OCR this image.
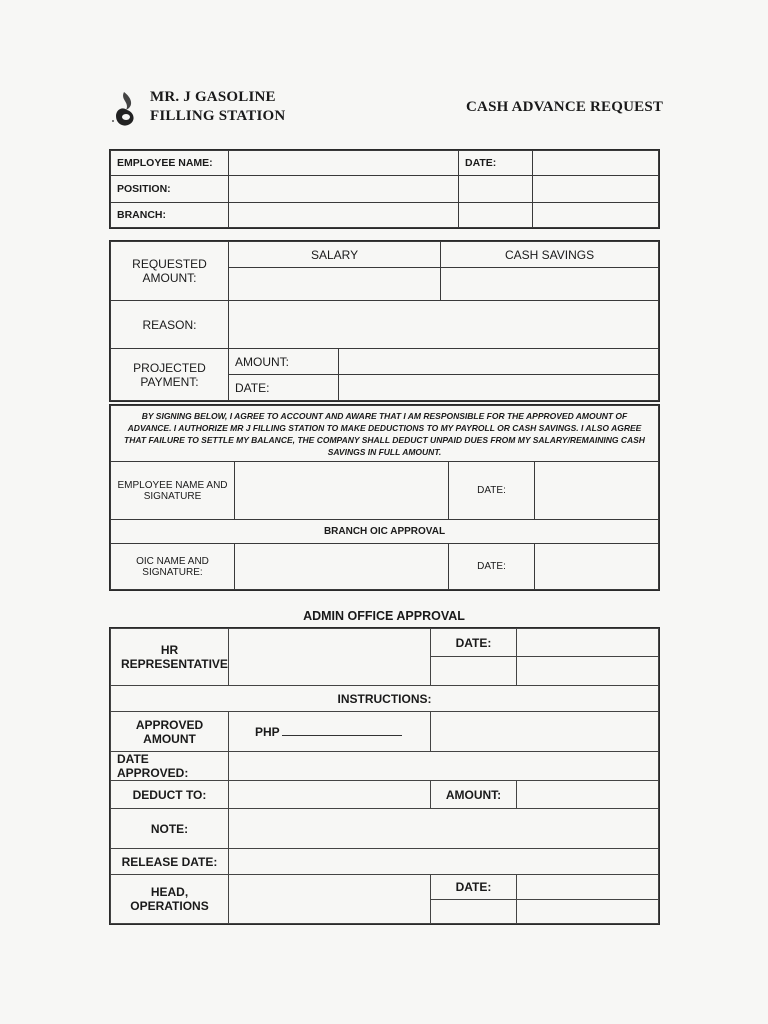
MR. J GASOLINE
FILLING STATION
CASH ADVANCE REQUEST
EMPLOYEE NAME:		DATE:	
POSITION:			
BRANCH:			
REQUESTED AMOUNT:	SALARY		CASH SAVINGS

REASON:			
PROJECTED PAYMENT:	AMOUNT:		
	DATE:		
BY SIGNING BELOW, I AGREE TO ACCOUNT AND AWARE THAT I AM RESPONSIBLE FOR THE APPROVED AMOUNT OF ADVANCE. I AUTHORIZE MR J FILLING STATION TO MAKE DEDUCTIONS TO MY PAYROLL OR CASH SAVINGS. I ALSO AGREE THAT FAILURE TO SETTLE MY BALANCE, THE COMPANY SHALL DEDUCT UNPAID DUES FROM MY SALARY/REMAINING CASH SAVINGS IN FULL AMOUNT.			
EMPLOYEE NAME AND SIGNATURE		DATE:	
BRANCH OIC APPROVAL			
OIC NAME AND SIGNATURE:		DATE:	
ADMIN OFFICE APPROVAL
HR REPRESENTATIVE		DATE:	

INSTRUCTIONS:			
APPROVED AMOUNT	PHP		
DATE APPROVED:			
DEDUCT TO:		AMOUNT:	
NOTE:			
RELEASE DATE:			
HEAD, OPERATIONS		DATE:	
